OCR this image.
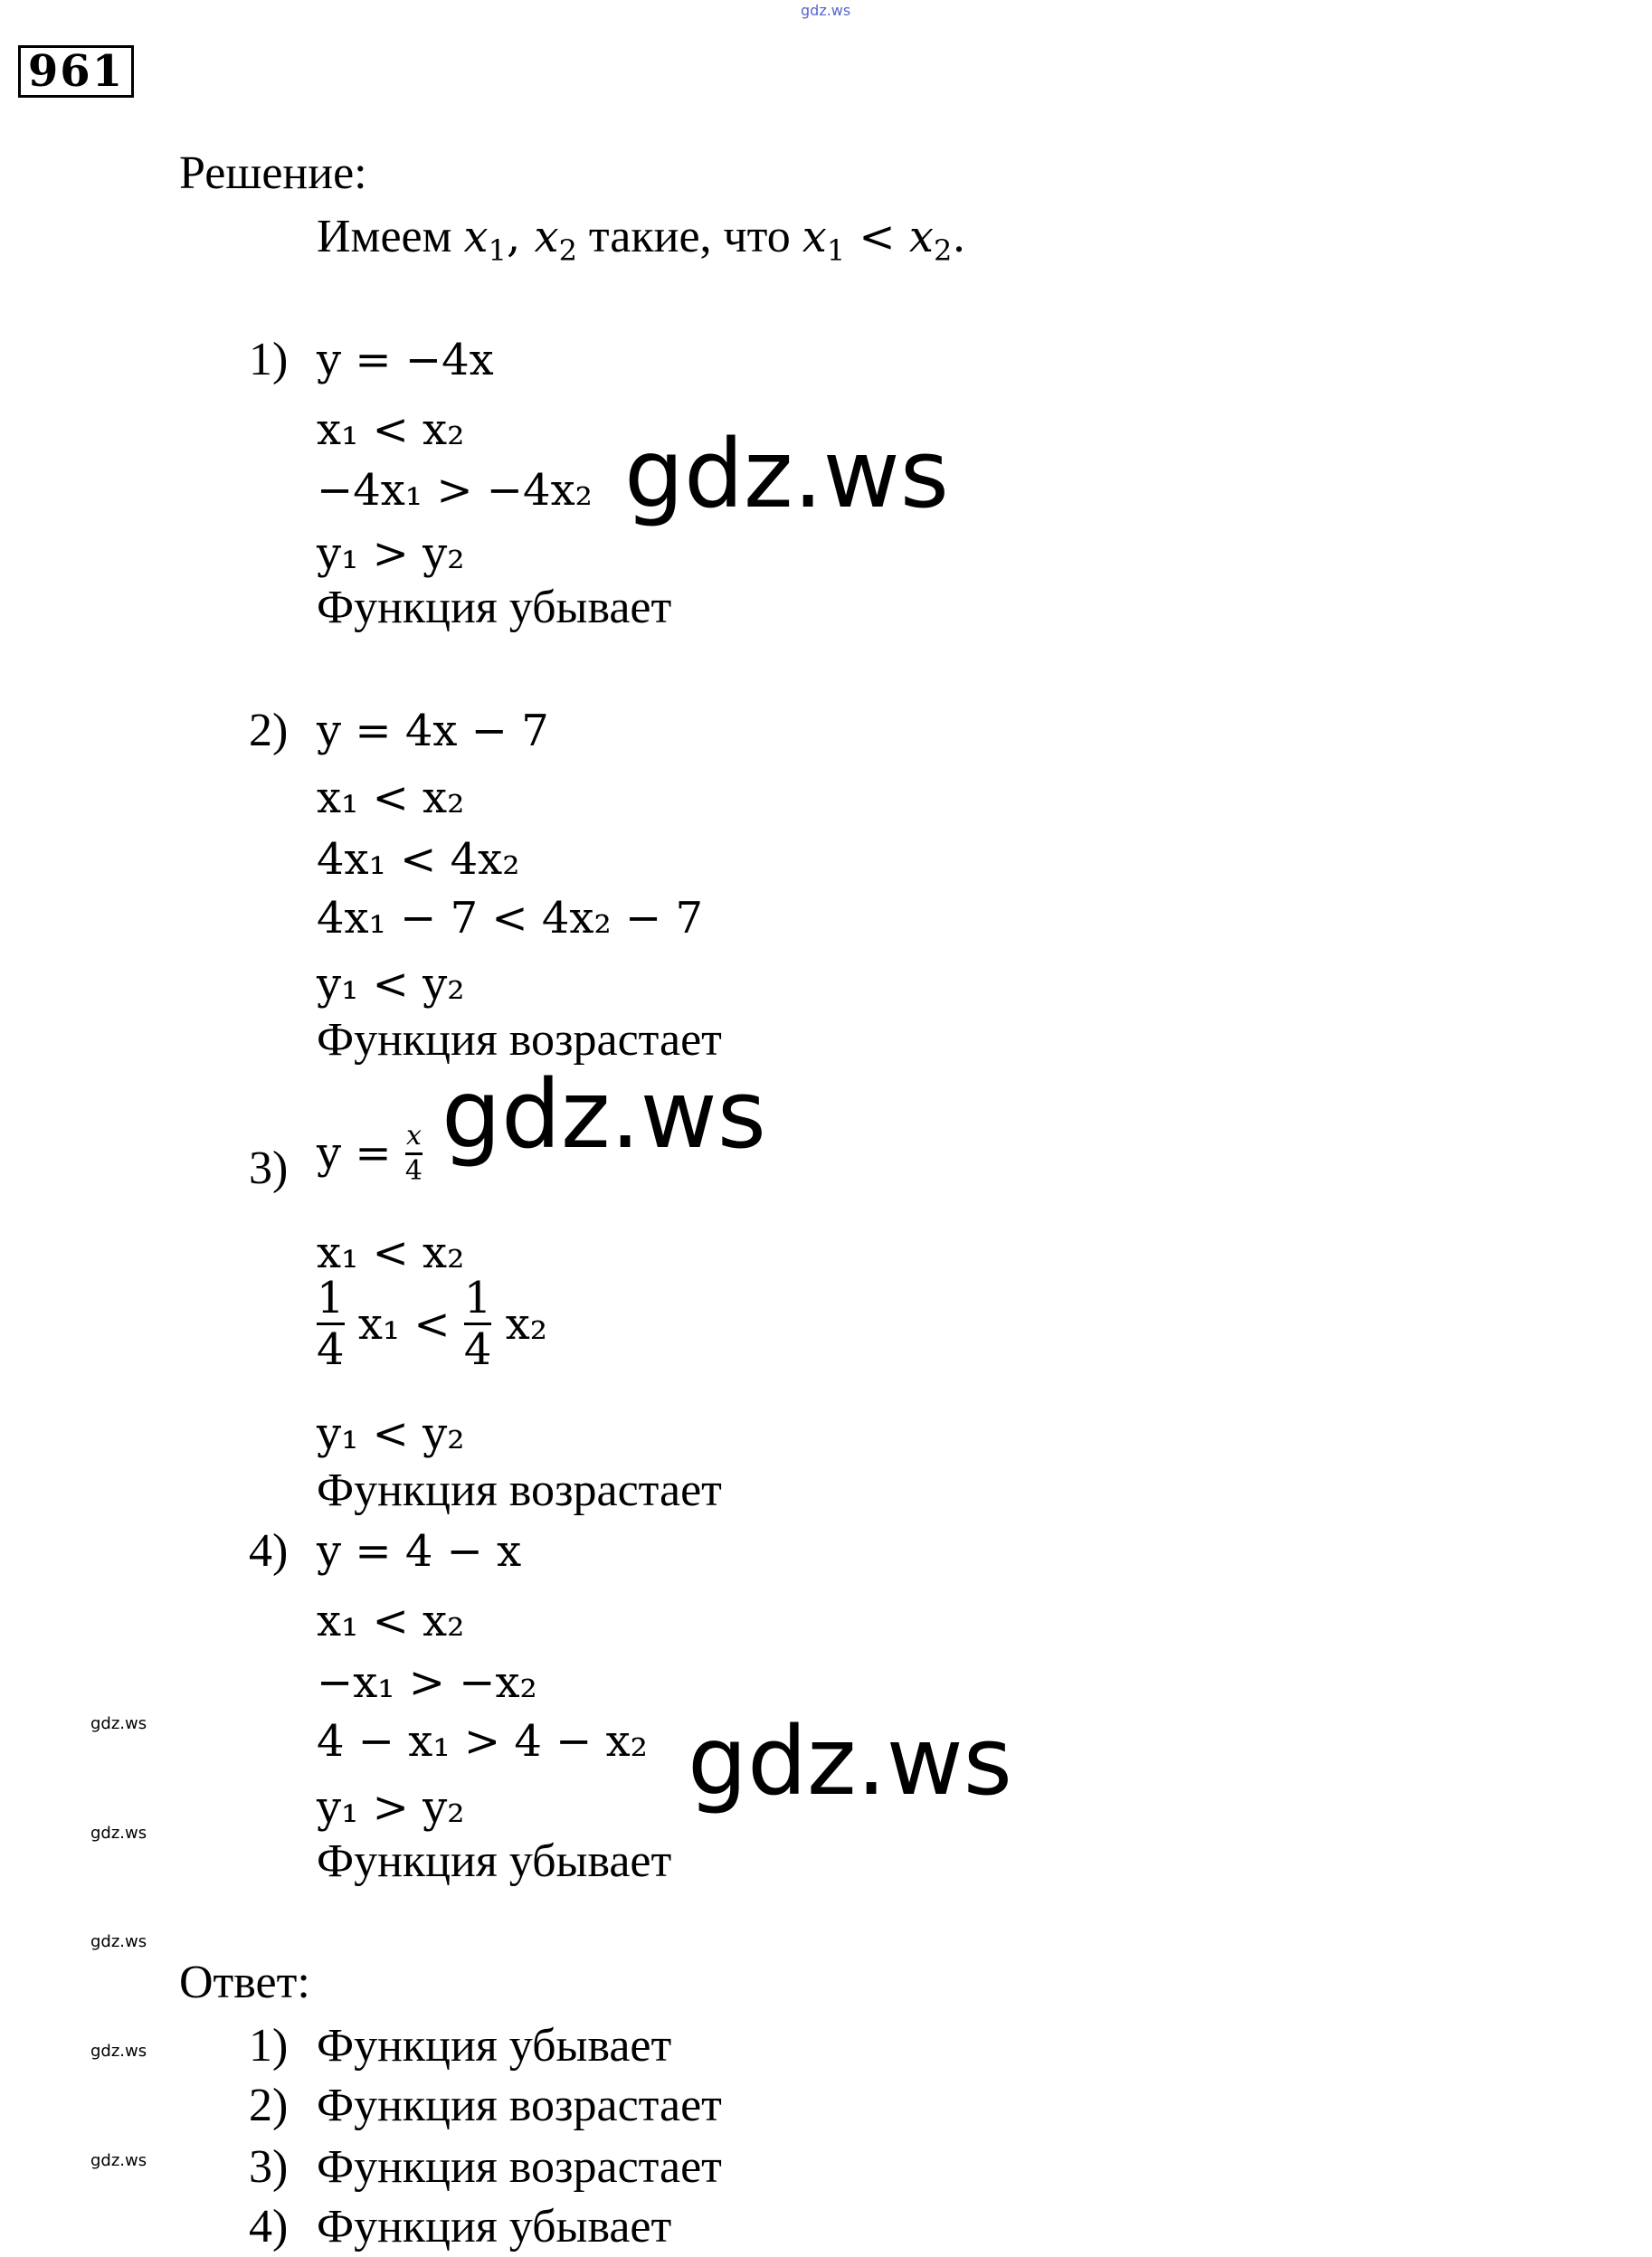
gdz.ws
961
Решение:
Имеем $x_1$, $x_2$ такие, что $x_1 < x_2$.
1) y = −4x
x₁ < x₂
−4x₁ > −4x₂
y₁ > y₂
Функция убывает
2) y = 4x − 7
x₁ < x₂
4x₁ < 4x₂
4x₁ − 7 < 4x₂ − 7
y₁ < y₂
Функция возрастает
3) $y = \frac{x}{4}$
x₁ < x₂
$\frac{1}{4} x_1 < \frac{1}{4} x_2$
y₁ < y₂
Функция возрастает
4) y = 4 − x
x₁ < x₂
−x₁ > −x₂
4 − x₁ > 4 − x₂
y₁ > y₂
Функция убывает
Ответ:
1) Функция убывает
2) Функция возрастает
3) Функция возрастает
4) Функция убывает
gdz.ws
gdz.ws
gdz.ws
gdz.ws
gdz.ws
gdz.ws
gdz.ws
gdz.ws
